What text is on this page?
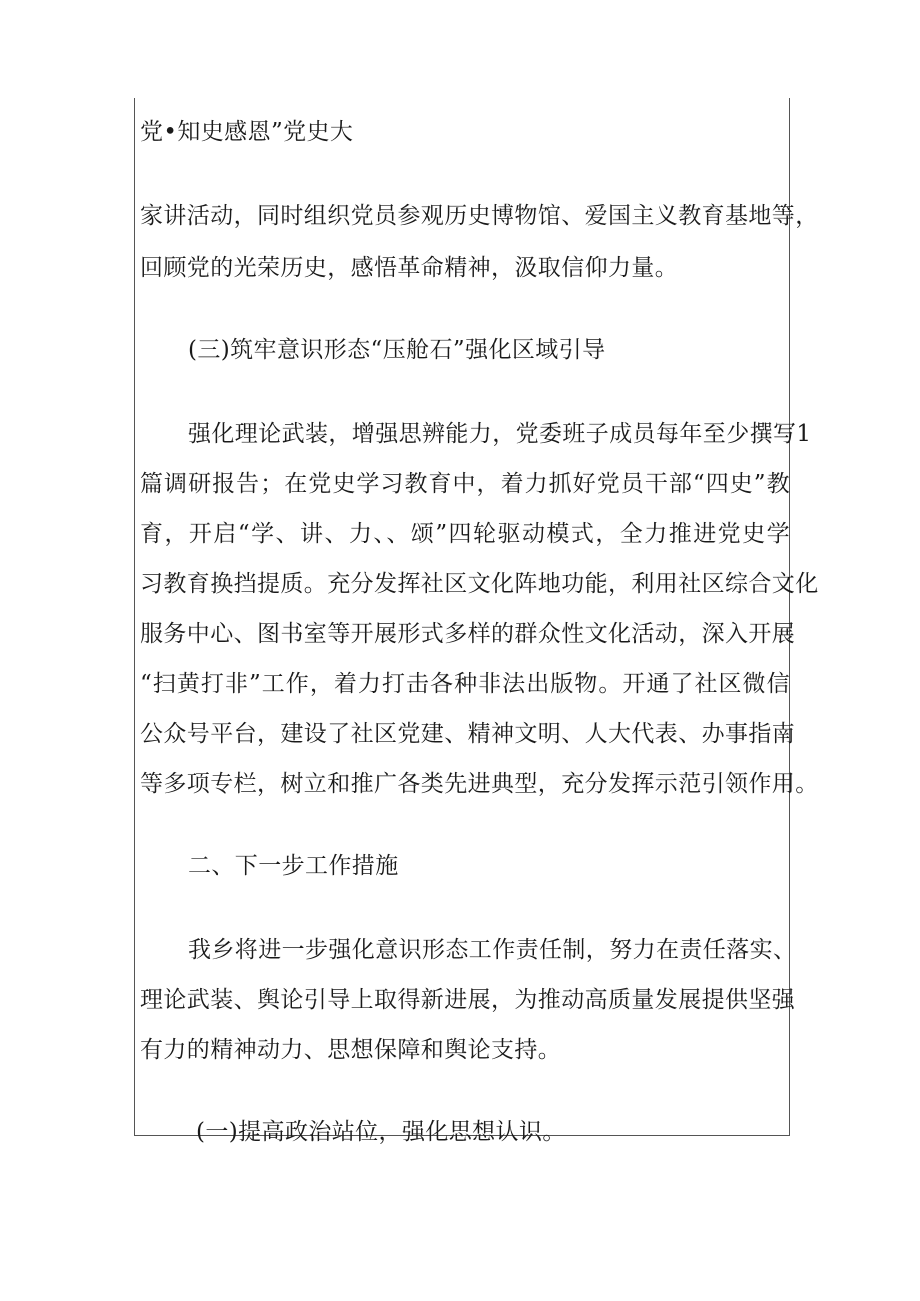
党•知史感恩”党史大
家讲活动，同时组织党员参观历史博物馆、爱国主义教育基地等，
回顾党的光荣历史，感悟革命精神，汲取信仰力量。
(三)筑牢意识形态“压舱石”强化区域引导
强化理论武装，增强思辨能力，党委班子成员每年至少撰写1
篇调研报告；在党史学习教育中，着力抓好党员干部“四史”教
育，开启“学、讲、力、、颂”四轮驱动模式，全力推进党史学
习教育换挡提质。充分发挥社区文化阵地功能，利用社区综合文化
服务中心、图书室等开展形式多样的群众性文化活动，深入开展
“扫黄打非”工作，着力打击各种非法出版物。开通了社区微信
公众号平台，建设了社区党建、精神文明、人大代表、办事指南
等多项专栏，树立和推广各类先进典型，充分发挥示范引领作用。
二、下一步工作措施
我乡将进一步强化意识形态工作责任制，努力在责任落实、
理论武装、舆论引导上取得新进展，为推动高质量发展提供坚强
有力的精神动力、思想保障和舆论支持。
(一)提高政治站位，强化思想认识。
